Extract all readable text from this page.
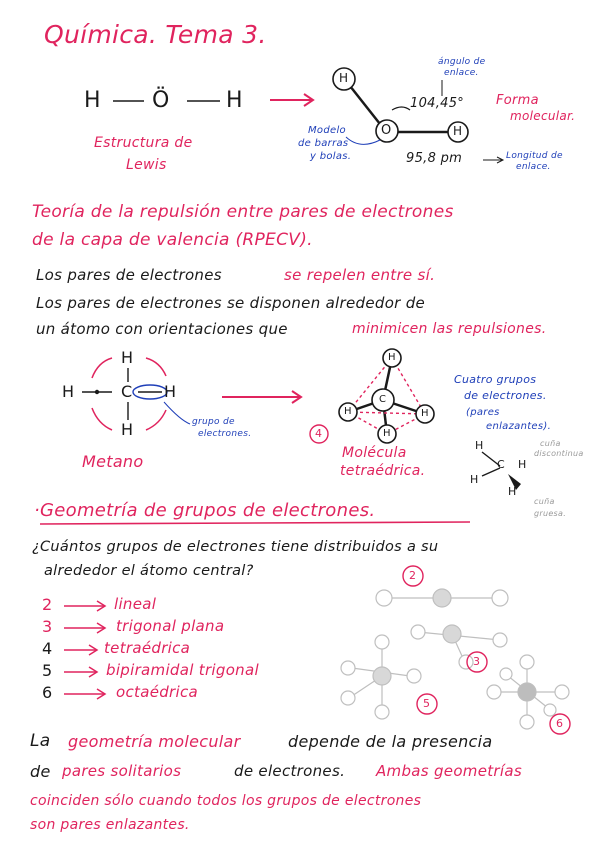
Química. Tema 3.
H Ö	H
Estructura de
Lewis
H
O	H
ángulo de
enlace.
104,45° Forma
molecular.
Modelo
de barras
y bolas.	95,8 pm	Longitud de
enlace.
Teoría de la repulsión entre pares de electrones
de la capa de valencia (RPECV).
Los pares de electrones	se repelen entre sí.
Los pares de electrones se disponen alrededor de
un átomo con orientaciones que	minimicen las repulsiones.
H
H
C H
H	grupo de
electrones.
Metano
H
C
H	H
H
4
Molécula
tetraédrica.
Cuatro grupos
de electrones.
(pares
enlazantes).
H
C H
H
H
cuña
discontinua
cuña
gruesa.
·Geometría de grupos de electrones.
¿Cuántos grupos de electrones tiene distribuidos a su
alrededor el átomo central?
2	lineal
3	trigonal plana
4	tetraédrica
5	bipiramidal trigonal
6	octaédrica
2
3
5
6
La geometría molecular	depende de la presencia
de pares solitarios	de electrones. Ambas geometrías
coinciden sólo cuando todos los grupos de electrones
son pares enlazantes.
